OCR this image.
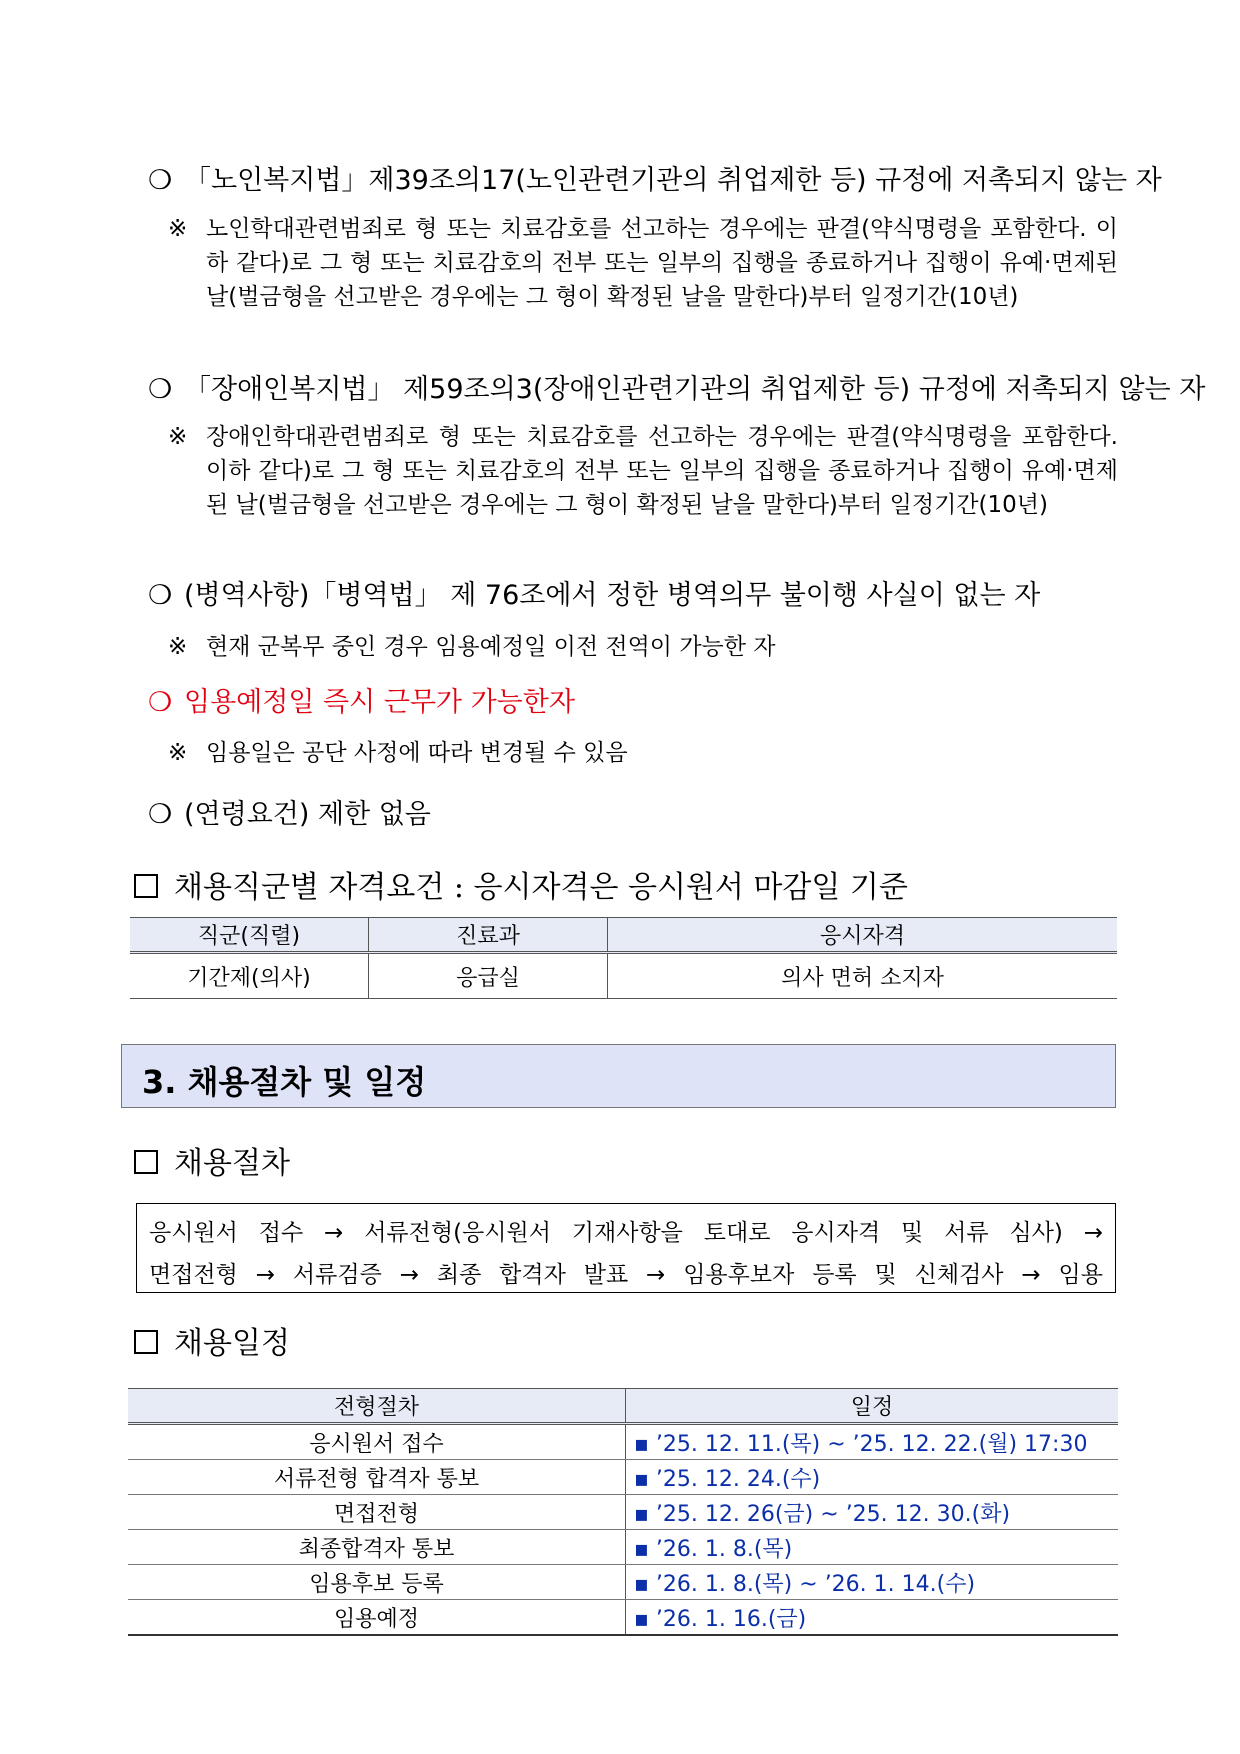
❍ 「노인복지법」제39조의17(노인관련기관의 취업제한 등) 규정에 저촉되지 않는 자
※ 노인학대관련범죄로 형 또는 치료감호를 선고하는 경우에는 판결(약식명령을 포함한다. 이하 같다)로 그 형 또는 치료감호의 전부 또는 일부의 집행을 종료하거나 집행이 유예‧면제된 날(벌금형을 선고받은 경우에는 그 형이 확정된 날을 말한다)부터 일정기간(10년)
❍ 「장애인복지법」 제59조의3(장애인관련기관의 취업제한 등) 규정에 저촉되지 않는 자
※ 장애인학대관련범죄로 형 또는 치료감호를 선고하는 경우에는 판결(약식명령을 포함한다. 이하 같다)로 그 형 또는 치료감호의 전부 또는 일부의 집행을 종료하거나 집행이 유예‧면제된 날(벌금형을 선고받은 경우에는 그 형이 확정된 날을 말한다)부터 일정기간(10년)
❍ (병역사항)「병역법」 제 76조에서 정한 병역의무 불이행 사실이 없는 자
※ 현재 군복무 중인 경우 임용예정일 이전 전역이 가능한 자
❍ 임용예정일 즉시 근무가 가능한자
※ 임용일은 공단 사정에 따라 변경될 수 있음
❍ (연령요건) 제한 없음
채용직군별 자격요건 : 응시자격은 응시원서 마감일 기준
직군(직렬)	진료과	응시자격
기간제(의사)	응급실	의사 면허 소지자
3. 채용절차 및 일정
채용절차
응시원서 접수 → 서류전형(응시원서 기재사항을 토대로 응시자격 및 서류 심사) →
면접전형 → 서류검증 → 최종 합격자 발표 → 임용후보자 등록 및 신체검사 → 임용
채용일정
전형절차	일정
응시원서 접수	▪ ’25. 12. 11.(목) ~ ’25. 12. 22.(월) 17:30
서류전형 합격자 통보	▪ ’25. 12. 24.(수)
면접전형	▪ ’25. 12. 26(금) ~ ’25. 12. 30.(화)
최종합격자 통보	▪ ’26. 1. 8.(목)
임용후보 등록	▪ ’26. 1. 8.(목) ~ ’26. 1. 14.(수)
임용예정	▪ ’26. 1. 16.(금)
